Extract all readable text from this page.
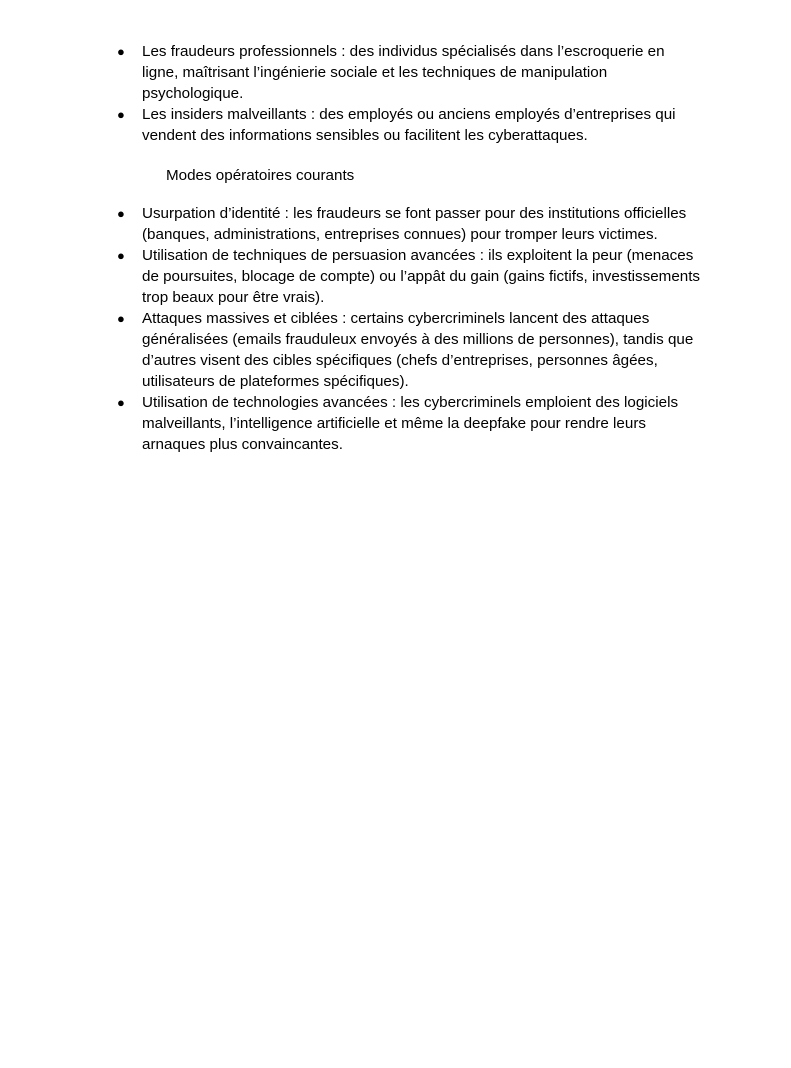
● Les fraudeurs professionnels : des individus spécialisés dans l’escroquerie en ligne, maîtrisant l’ingénierie sociale et les techniques de manipulation psychologique.
● Les insiders malveillants : des employés ou anciens employés d’entreprises qui vendent des informations sensibles ou facilitent les cyberattaques.
Modes opératoires courants
● Usurpation d’identité : les fraudeurs se font passer pour des institutions officielles (banques, administrations, entreprises connues) pour tromper leurs victimes.
● Utilisation de techniques de persuasion avancées : ils exploitent la peur (menaces de poursuites, blocage de compte) ou l’appât du gain (gains fictifs, investissements trop beaux pour être vrais).
● Attaques massives et ciblées : certains cybercriminels lancent des attaques généralisées (emails frauduleux envoyés à des millions de personnes), tandis que d’autres visent des cibles spécifiques (chefs d’entreprises, personnes âgées, utilisateurs de plateformes spécifiques).
● Utilisation de technologies avancées : les cybercriminels emploient des logiciels malveillants, l’intelligence artificielle et même la deepfake pour rendre leurs arnaques plus convaincantes.
